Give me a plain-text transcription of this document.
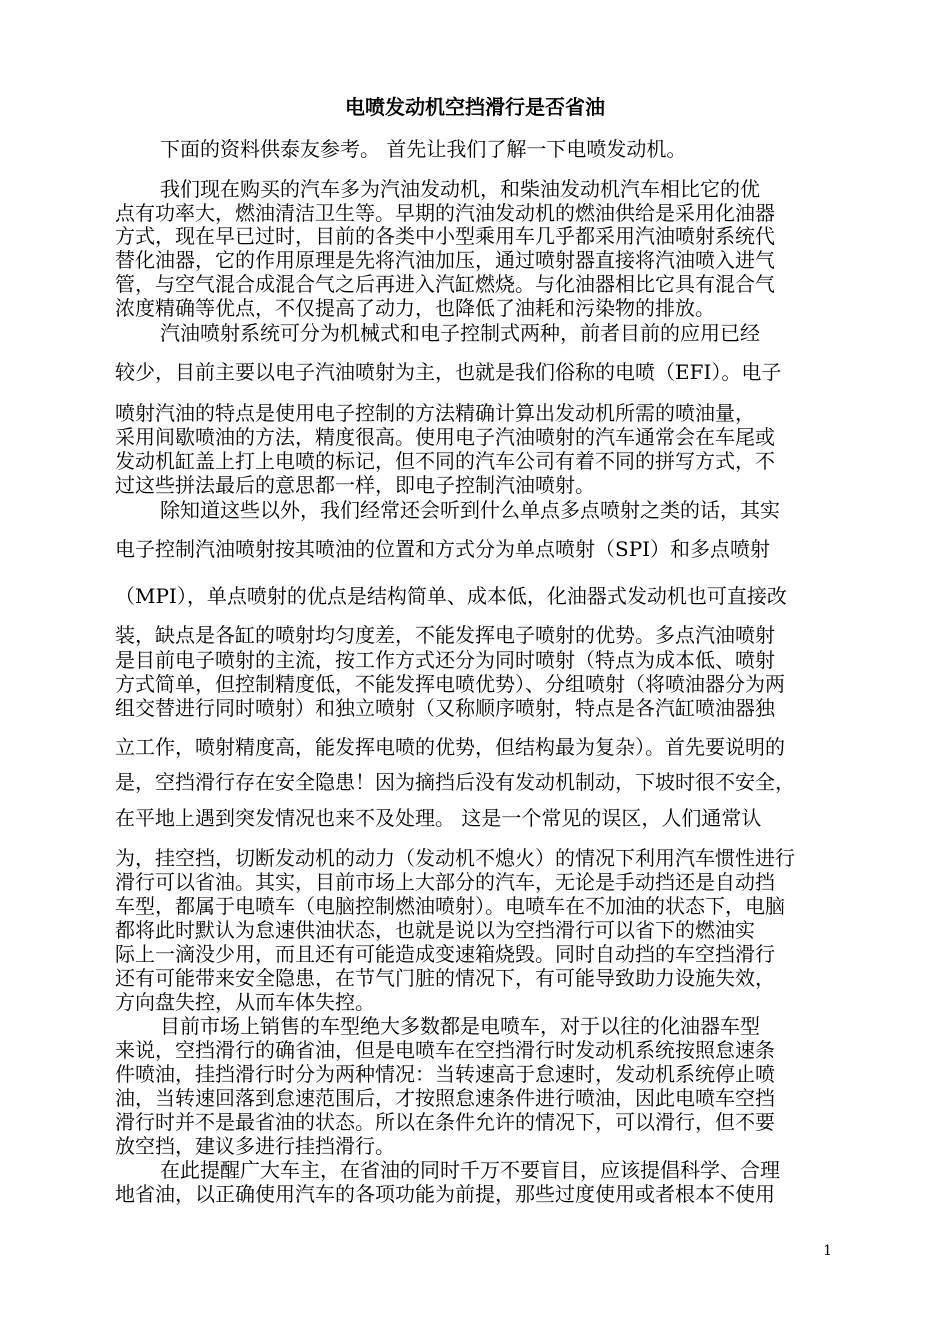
电喷发动机空挡滑行是否省油
下面的资料供泰友参考。 首先让我们了解一下电喷发动机。
我们现在购买的汽车多为汽油发动机，和柴油发动机汽车相比它的优
点有功率大，燃油清洁卫生等。早期的汽油发动机的燃油供给是采用化油器
方式，现在早已过时，目前的各类中小型乘用车几乎都采用汽油喷射系统代
替化油器，它的作用原理是先将汽油加压，通过喷射器直接将汽油喷入进气
管，与空气混合成混合气之后再进入汽缸燃烧。与化油器相比它具有混合气
浓度精确等优点，不仅提高了动力，也降低了油耗和污染物的排放。
汽油喷射系统可分为机械式和电子控制式两种，前者目前的应用已经
较少，目前主要以电子汽油喷射为主，也就是我们俗称的电喷（EFI）。电子
喷射汽油的特点是使用电子控制的方法精确计算出发动机所需的喷油量，
采用间歇喷油的方法，精度很高。使用电子汽油喷射的汽车通常会在车尾或
发动机缸盖上打上电喷的标记，但不同的汽车公司有着不同的拼写方式，不
过这些拼法最后的意思都一样，即电子控制汽油喷射。
除知道这些以外，我们经常还会听到什么单点多点喷射之类的话，其实
电子控制汽油喷射按其喷油的位置和方式分为单点喷射（SPI）和多点喷射
（MPI），单点喷射的优点是结构简单、成本低，化油器式发动机也可直接改
装，缺点是各缸的喷射均匀度差，不能发挥电子喷射的优势。多点汽油喷射
是目前电子喷射的主流，按工作方式还分为同时喷射（特点为成本低、喷射
方式简单，但控制精度低，不能发挥电喷优势）、分组喷射（将喷油器分为两
组交替进行同时喷射）和独立喷射（又称顺序喷射，特点是各汽缸喷油器独
立工作，喷射精度高，能发挥电喷的优势，但结构最为复杂）。首先要说明的
是，空挡滑行存在安全隐患！因为摘挡后没有发动机制动，下坡时很不安全，
在平地上遇到突发情况也来不及处理。 这是一个常见的误区，人们通常认
为，挂空挡，切断发动机的动力（发动机不熄火）的情况下利用汽车惯性进行
滑行可以省油。其实，目前市场上大部分的汽车，无论是手动挡还是自动挡
车型，都属于电喷车（电脑控制燃油喷射）。电喷车在不加油的状态下，电脑
都将此时默认为怠速供油状态，也就是说以为空挡滑行可以省下的燃油实
际上一滴没少用，而且还有可能造成变速箱烧毁。同时自动挡的车空挡滑行
还有可能带来安全隐患，在节气门脏的情况下，有可能导致助力设施失效，
方向盘失控，从而车体失控。
目前市场上销售的车型绝大多数都是电喷车，对于以往的化油器车型
来说，空挡滑行的确省油，但是电喷车在空挡滑行时发动机系统按照怠速条
件喷油，挂挡滑行时分为两种情况：当转速高于怠速时，发动机系统停止喷
油，当转速回落到怠速范围后，才按照怠速条件进行喷油，因此电喷车空挡
滑行时并不是最省油的状态。所以在条件允许的情况下，可以滑行，但不要
放空挡，建议多进行挂挡滑行。
在此提醒广大车主，在省油的同时千万不要盲目，应该提倡科学、合理
地省油，以正确使用汽车的各项功能为前提，那些过度使用或者根本不使用
1
